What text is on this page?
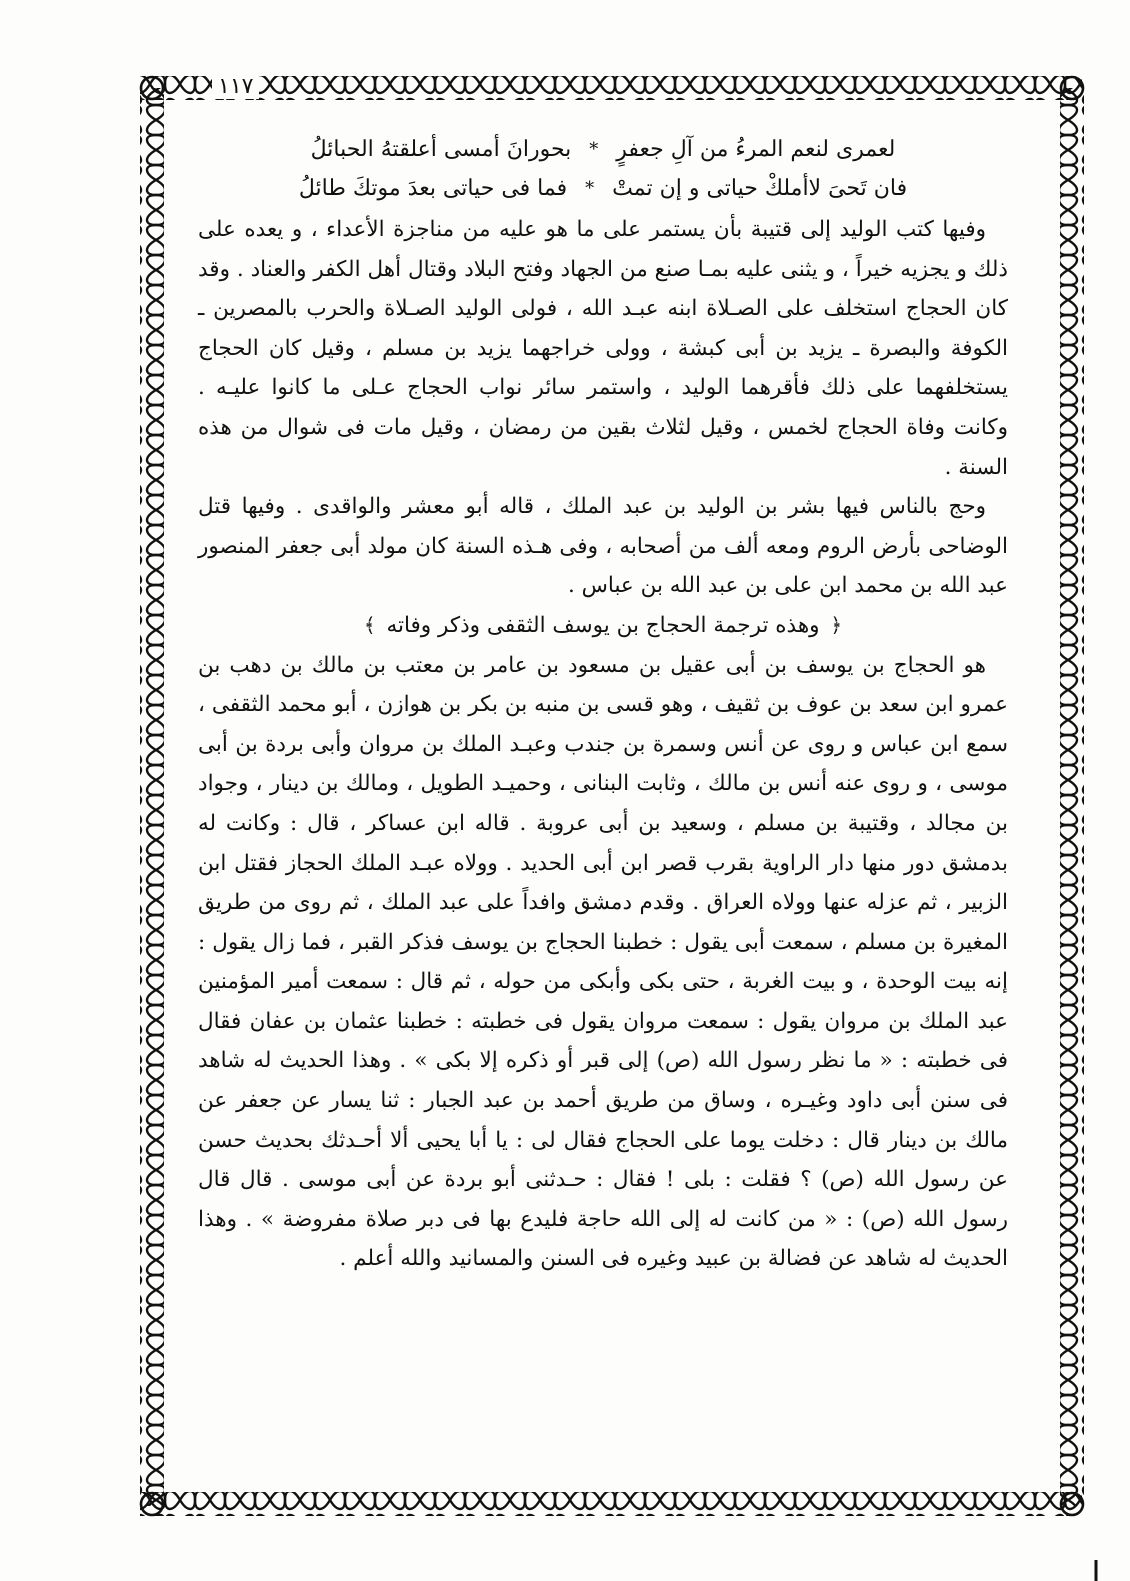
١١٧
لعمرى لنعم المرءُ من آلِ جعفرٍ
*
بحورانَ أمسى أعلقتهُ الحبائلُ
فان تَحىَ لاأملكْ حياتى و إن تمتْ
*
فما فى حياتى بعدَ موتكَ طائلُ

وفيها كتب الوليد إلى قتيبة بأن يستمر على ما هو عليه من مناجزة الأعداء ، و يعده على ذلك و يجزيه خيراً ، و يثنى عليه بمـا صنع من الجهاد وفتح البلاد وقتال أهل الكفر والعناد . وقد كان الحجاج استخلف على الصـلاة ابنه عبـد الله ، فولى الوليد الصـلاة والحرب بالمصرين ـ الكوفة والبصرة ـ يزيد بن أبى كبشة ، وولى خراجهما يزيد بن مسلم ، وقيل كان الحجاج يستخلفهما على ذلك فأقرهما الوليد ، واستمر سائر نواب الحجاج عـلى ما كانوا عليـه . وكانت وفاة الحجاج لخمس ، وقيل لثلاث بقين من رمضان ، وقيل مات فى شوال من هذه السنة .

وحج بالناس فيها بشر بن الوليد بن عبد الملك ، قاله أبو معشر والواقدى . وفيها قتل الوضاحى بأرض الروم ومعه ألف من أصحابه ، وفى هـذه السنة كان مولد أبى جعفر المنصور عبد الله بن محمد ابن على بن عبد الله بن عباس .

﴿ وهذه ترجمة الحجاج بن يوسف الثقفى وذكر وفاته ﴾

هو الحجاج بن يوسف بن أبى عقيل بن مسعود بن عامر بن معتب بن مالك بن دهب بن عمرو ابن سعد بن عوف بن ثقيف ، وهو قسى بن منبه بن بكر بن هوازن ، أبو محمد الثقفى ، سمع ابن عباس و روى عن أنس وسمرة بن جندب وعبـد الملك بن مروان وأبى بردة بن أبى موسى ، و روى عنه أنس بن مالك ، وثابت البنانى ، وحميـد الطويل ، ومالك بن دينار ، وجواد بن مجالد ، وقتيبة بن مسلم ، وسعيد بن أبى عروبة . قاله ابن عساكر ، قال : وكانت له بدمشق دور منها دار الراوية بقرب قصر ابن أبى الحديد . وولاه عبـد الملك الحجاز فقتل ابن الزبير ، ثم عزله عنها وولاه العراق . وقدم دمشق وافداً على عبد الملك ، ثم روى من طريق المغيرة بن مسلم ، سمعت أبى يقول : خطبنا الحجاج بن يوسف فذكر القبر ، فما زال يقول : إنه بيت الوحدة ، و بيت الغربة ، حتى بكى وأبكى من حوله ، ثم قال : سمعت أمير المؤمنين عبد الملك بن مروان يقول : سمعت مروان يقول فى خطبته : خطبنا عثمان بن عفان فقال فى خطبته : « ما نظر رسول الله (ص) إلى قبر أو ذكره إلا بكى » . وهذا الحديث له شاهد فى سنن أبى داود وغيـره ، وساق من طريق أحمد بن عبد الجبار : ثنا يسار عن جعفر عن مالك بن دينار قال : دخلت يوما على الحجاج فقال لى : يا أبا يحيى ألا أحـدثك بحديث حسن عن رسول الله (ص) ؟ فقلت : بلى ! فقال : حـدثنى أبو بردة عن أبى موسى . قال قال رسول الله (ص) : « من كانت له إلى الله حاجة فليدع بها فى دبر صلاة مفروضة » . وهذا الحديث له شاهد عن فضالة بن عبيد وغيره فى السنن والمسانيد والله أعلم .
